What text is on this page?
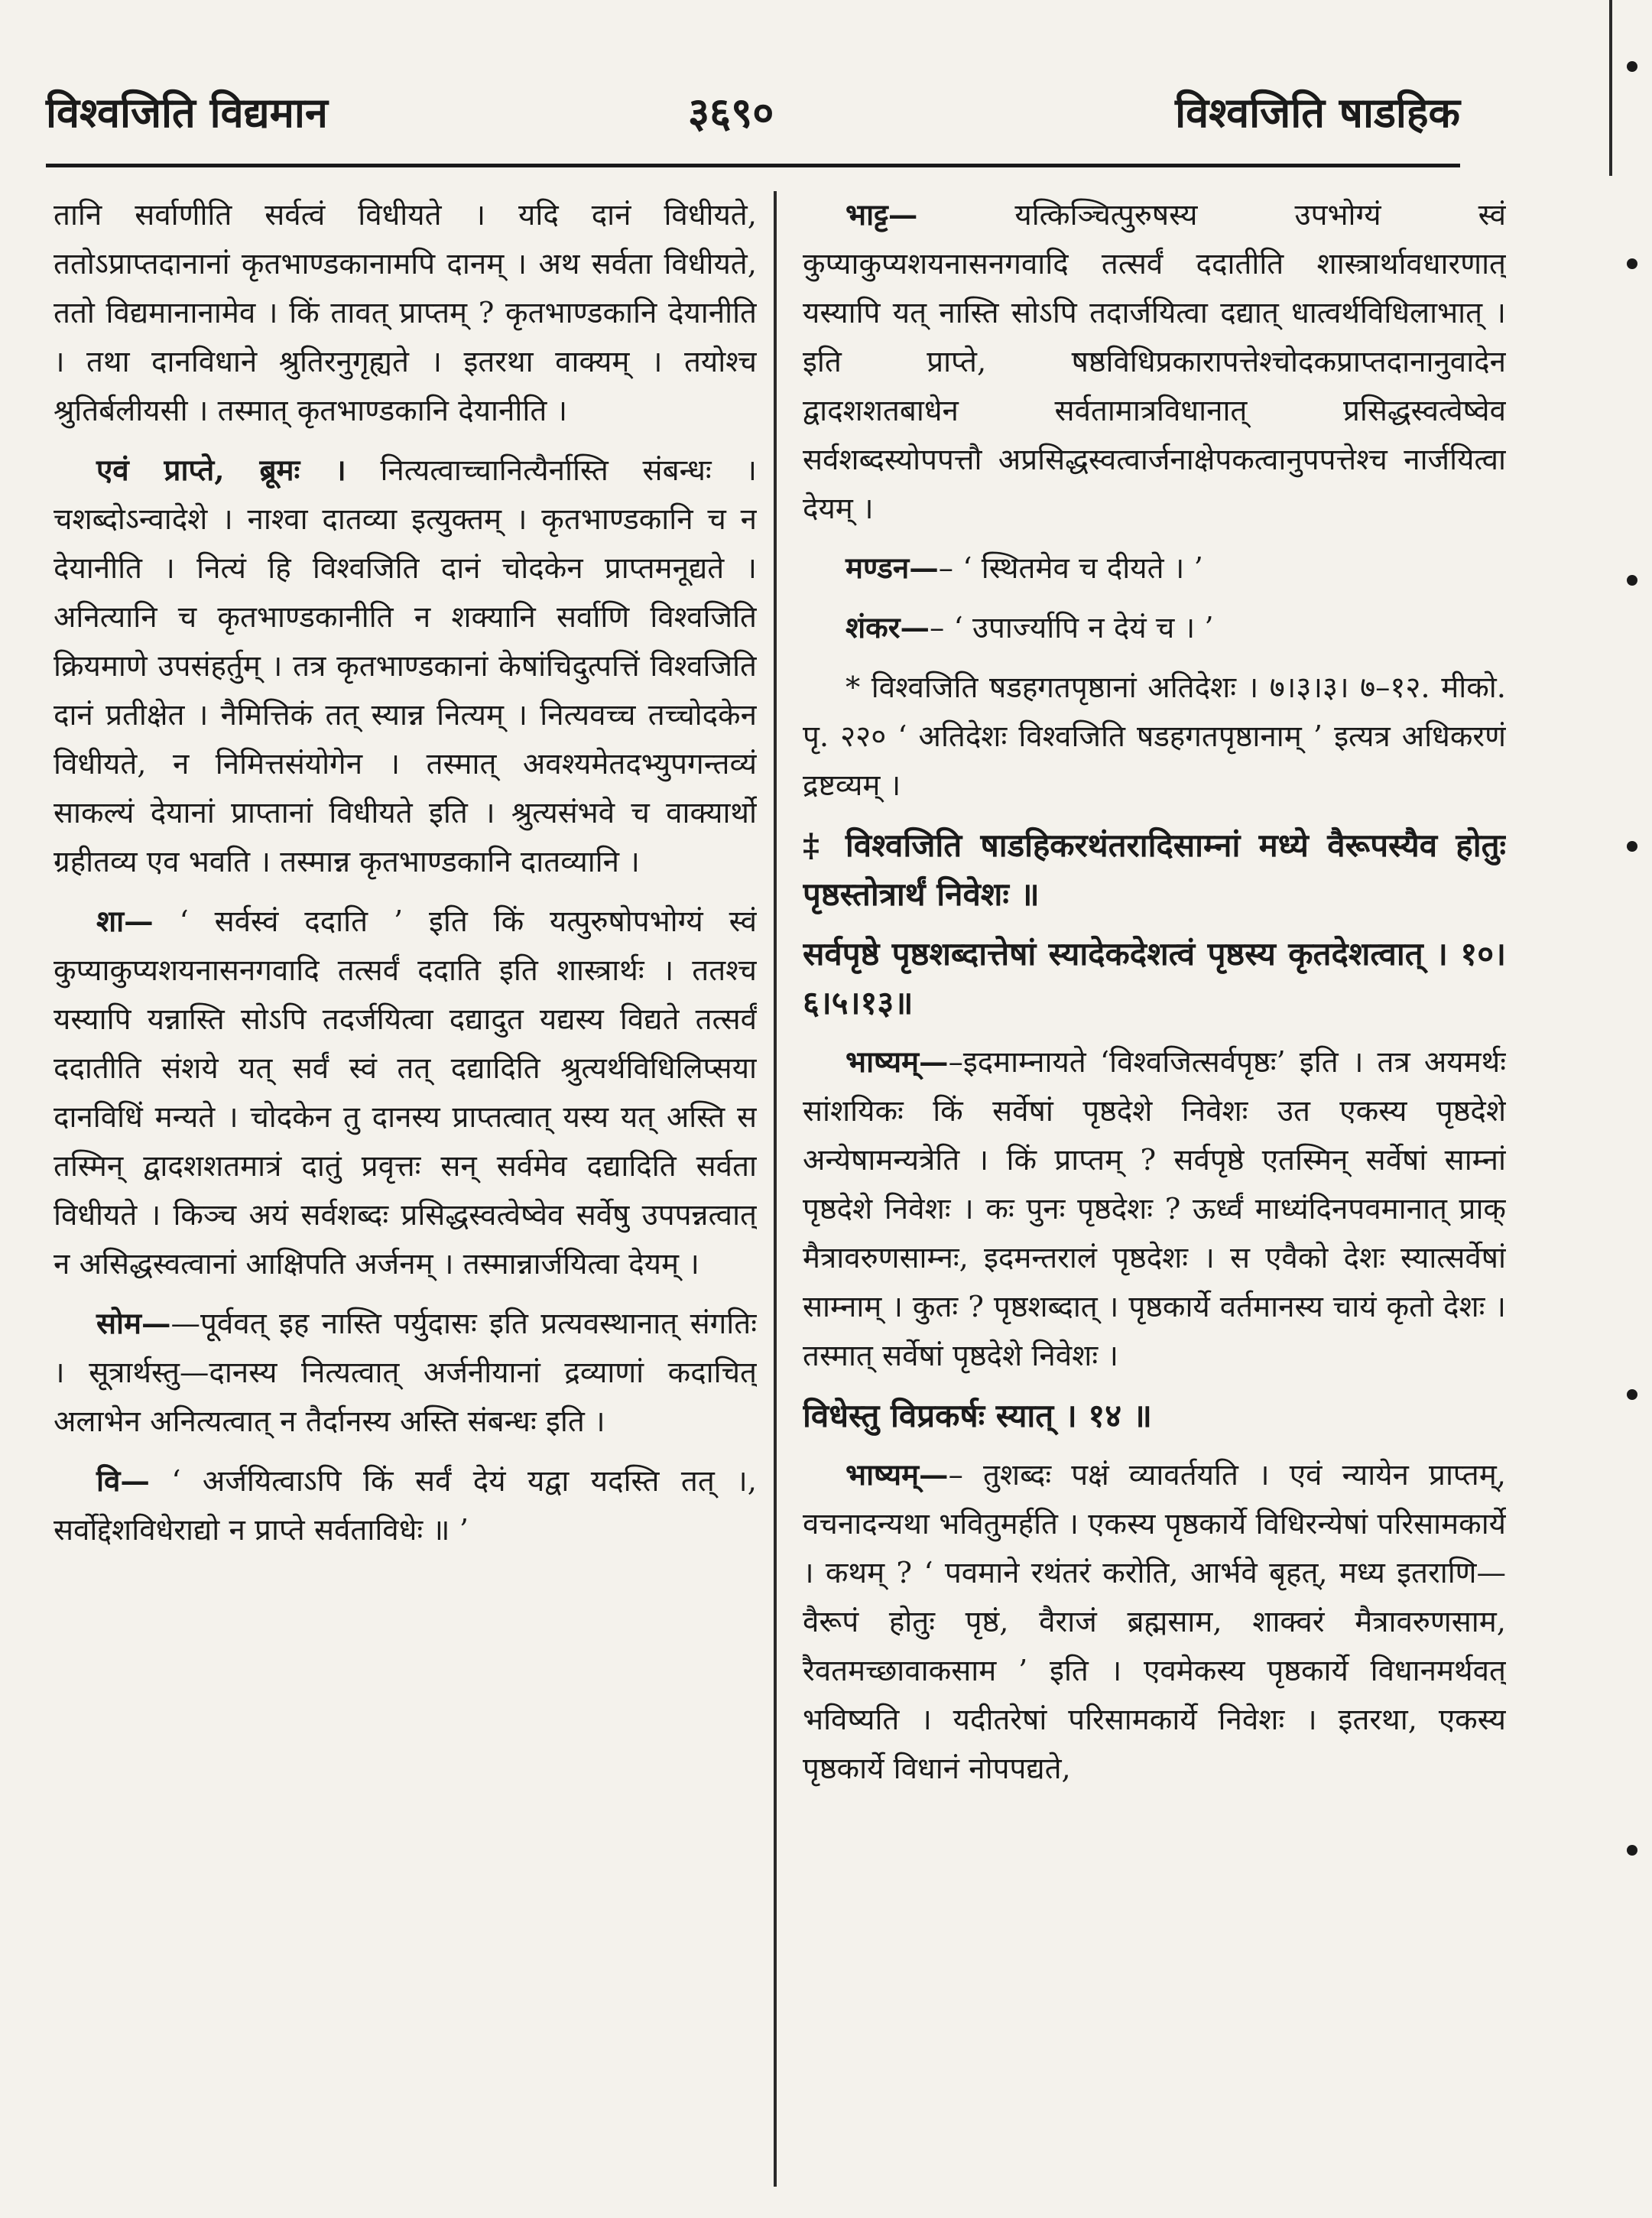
विश्वजिति विद्यमान	३६९०	विश्वजिति षाडहिक

तानि सर्वाणीति सर्वत्वं विधीयते । यदि दानं विधीयते, ततोऽप्राप्तदानानां कृतभाण्डकानामपि दानम् । अथ सर्वता विधीयते, ततो विद्यमानानामेव । किं तावत् प्राप्तम् ? कृतभाण्डकानि देयानीति । तथा दानविधाने श्रुतिरनुगृह्यते । इतरथा वाक्यम् । तयोश्च श्रुतिर्बलीयसी । तस्मात् कृतभाण्डकानि देयानीति ।

एवं प्राप्ते, ब्रूमः । नित्यत्वाच्चानित्यैर्नास्ति संबन्धः । चशब्दोऽन्वादेशे । नाश्वा दातव्या इत्युक्तम् । कृतभाण्डकानि च न देयानीति । नित्यं हि विश्वजिति दानं चोदकेन प्राप्तमनूद्यते । अनित्यानि च कृतभाण्डकानीति न शक्यानि सर्वाणि विश्वजिति क्रियमाणे उपसंहर्तुम् । तत्र कृतभाण्डकानां केषांचिदुत्पत्तिं विश्वजिति दानं प्रतीक्षेत । नैमित्तिकं तत् स्यान्न नित्यम् । नित्यवच्च तच्चोदकेन विधीयते, न निमित्तसंयोगेन । तस्मात् अवश्यमेतदभ्युपगन्तव्यं साकल्यं देयानां प्राप्तानां विधीयते इति । श्रुत्यसंभवे च वाक्यार्थो ग्रहीतव्य एव भवति । तस्मान्न कृतभाण्डकानि दातव्यानि ।

शा— ‘ सर्वस्वं ददाति ’ इति किं यत्पुरुषोपभोग्यं स्वं कुप्याकुप्यशयनासनगवादि तत्सर्वं ददाति इति शास्त्रार्थः । ततश्च यस्यापि यन्नास्ति सोऽपि तदर्जयित्वा दद्यादुत यद्यस्य विद्यते तत्सर्वं ददातीति संशये यत् सर्वं स्वं तत् दद्यादिति श्रुत्यर्थविधिलिप्सया दानविधिं मन्यते । चोदकेन तु दानस्य प्राप्तत्वात् यस्य यत् अस्ति स तस्मिन् द्वादशशतमात्रं दातुं प्रवृत्तः सन् सर्वमेव दद्यादिति सर्वता विधीयते । किञ्च अयं सर्वशब्दः प्रसिद्धस्वत्वेष्वेव सर्वेषु उपपन्नत्वात् न असिद्धस्वत्वानां आक्षिपति अर्जनम् । तस्मान्नार्जयित्वा देयम् ।

सोम——पूर्ववत् इह नास्ति पर्युदासः इति प्रत्यवस्थानात् संगतिः । सूत्रार्थस्तु—दानस्य नित्यत्वात् अर्जनीयानां द्रव्याणां कदाचित् अलाभेन अनित्यत्वात् न तैर्दानस्य अस्ति संबन्धः इति ।

वि— ‘ अर्जयित्वाऽपि किं सर्वं देयं यद्वा यदस्ति तत् ।, सर्वोद्देशविधेराद्यो न प्राप्ते सर्वताविधेः ॥ ’

भाट्ट— यत्किञ्चित्पुरुषस्य उपभोग्यं स्वं कुप्याकुप्यशयनासनगवादि तत्सर्वं ददातीति शास्त्रार्थावधारणात् यस्यापि यत् नास्ति सोऽपि तदार्जयित्वा दद्यात् धात्वर्थविधिलाभात् । इति प्राप्ते, षष्ठविधिप्रकारापत्तेश्चोदकप्राप्तदानानुवादेन द्वादशशतबाधेन सर्वतामात्रविधानात् प्रसिद्धस्वत्वेष्वेव सर्वशब्दस्योपपत्तौ अप्रसिद्धस्वत्वार्जनाक्षेपकत्वानुपपत्तेश्च नार्जयित्वा देयम् ।

मण्डन—– ‘ स्थितमेव च दीयते । ’

शंकर—– ‘ उपार्ज्यापि न देयं च । ’

* विश्वजिति षडहगतपृष्ठानां अतिदेशः । ७।३।३। ७–१२. मीको. पृ. २२० ‘ अतिदेशः विश्वजिति षडहगतपृष्ठानाम् ’ इत्यत्र अधिकरणं द्रष्टव्यम् ।

‡ विश्वजिति षाडहिकरथंतरादिसाम्नां मध्ये वैरूपस्यैव होतुः पृष्ठस्तोत्रार्थं निवेशः ॥

सर्वपृष्ठे पृष्ठशब्दात्तेषां स्यादेकदेशत्वं पृष्ठस्य कृतदेशत्वात् । १०।६।५।१३॥

भाष्यम्—–इदमाम्नायते ‘विश्वजित्सर्वपृष्ठः’ इति । तत्र अयमर्थः सांशयिकः किं सर्वेषां पृष्ठदेशे निवेशः उत एकस्य पृष्ठदेशे अन्येषामन्यत्रेति । किं प्राप्तम् ? सर्वपृष्ठे एतस्मिन् सर्वेषां साम्नां पृष्ठदेशे निवेशः । कः पुनः पृष्ठदेशः ? ऊर्ध्वं माध्यंदिनपवमानात् प्राक् मैत्रावरुणसाम्नः, इदमन्तरालं पृष्ठदेशः । स एवैको देशः स्यात्सर्वेषां साम्नाम् । कुतः ? पृष्ठशब्दात् । पृष्ठकार्ये वर्तमानस्य चायं कृतो देशः । तस्मात् सर्वेषां पृष्ठदेशे निवेशः ।

विधेस्तु विप्रकर्षः स्यात् । १४ ॥

भाष्यम्—– तुशब्दः पक्षं व्यावर्तयति । एवं न्यायेन प्राप्तम्, वचनादन्यथा भवितुमर्हति । एकस्य पृष्ठकार्ये विधिरन्येषां परिसामकार्ये । कथम् ? ‘ पवमाने रथंतरं करोति, आर्भवे बृहत्, मध्य इतराणि— वैरूपं होतुः पृष्ठं, वैराजं ब्रह्मसाम, शाक्वरं मैत्रावरुणसाम, रैवतमच्छावाकसाम ’ इति । एवमेकस्य पृष्ठकार्ये विधानमर्थवत् भविष्यति । यदीतरेषां परिसामकार्ये निवेशः । इतरथा, एकस्य पृष्ठकार्ये विधानं नोपपद्यते,
